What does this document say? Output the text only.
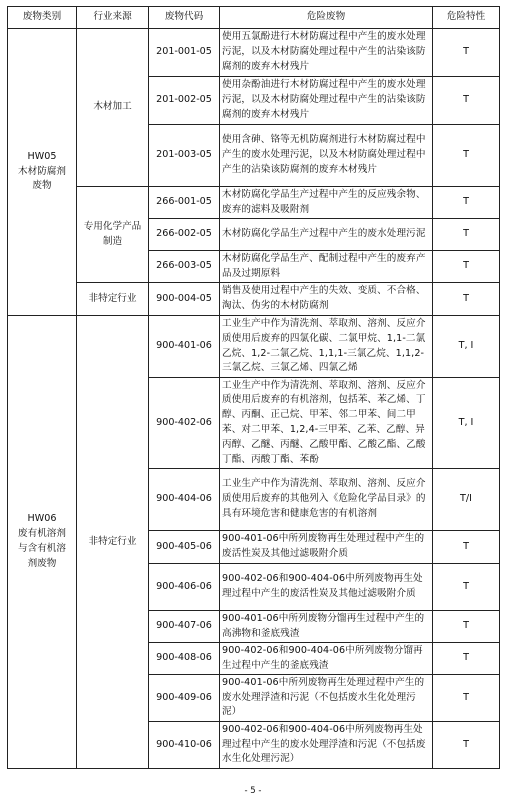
废物类别	行业来源	废物代码	危险废物	危险特性
HW05
木材防腐剂
废物	木材加工	201-001-05	使用五氯酚进行木材防腐过程中产生的废水处理污泥，以及木材防腐处理过程中产生的沾染该防腐剂的废弃木材残片	T
		201-002-05	使用杂酚油进行木材防腐过程中产生的废水处理污泥，以及木材防腐处理过程中产生的沾染该防腐剂的废弃木材残片	T
		201-003-05	使用含砷、铬等无机防腐剂进行木材防腐过程中产生的废水处理污泥，以及木材防腐处理过程中产生的沾染该防腐剂的废弃木材残片	T
	专用化学产品制造	266-001-05	木材防腐化学品生产过程中产生的反应残余物、废弃的滤料及吸附剂	T
		266-002-05	木材防腐化学品生产过程中产生的废水处理污泥	T
		266-003-05	木材防腐化学品生产、配制过程中产生的废弃产品及过期原料	T
	非特定行业	900-004-05	销售及使用过程中产生的失效、变质、不合格、淘汰、伪劣的木材防腐剂	T
HW06
废有机溶剂
与含有机溶
剂废物	非特定行业	900-401-06	工业生产中作为清洗剂、萃取剂、溶剂、反应介质使用后废弃的四氯化碳、二氯甲烷、1,1-二氯乙烷、1,2-二氯乙烷、1,1,1-三氯乙烷、1,1,2-三氯乙烷、三氯乙烯、四氯乙烯	T, I
		900-402-06	工业生产中作为清洗剂、萃取剂、溶剂、反应介质使用后废弃的有机溶剂，包括苯、苯乙烯、丁醇、丙酮、正己烷、甲苯、邻二甲苯、间二甲苯、对二甲苯、1,2,4-三甲苯、乙苯、乙醇、异丙醇、乙醚、丙醚、乙酸甲酯、乙酸乙酯、乙酸丁酯、丙酸丁酯、苯酚	T, I
		900-404-06	工业生产中作为清洗剂、萃取剂、溶剂、反应介质使用后废弃的其他列入《危险化学品目录》的具有环境危害和健康危害的有机溶剂	T/I
		900-405-06	900-401-06中所列废物再生处理过程中产生的废活性炭及其他过滤吸附介质	T
		900-406-06	900-402-06和900-404-06中所列废物再生处理过程中产生的废活性炭及其他过滤吸附介质	T
		900-407-06	900-401-06中所列废物分馏再生过程中产生的高沸物和釜底残渣	T
		900-408-06	900-402-06和900-404-06中所列废物分馏再生过程中产生的釜底残渣	T
		900-409-06	900-401-06中所列废物再生处理过程中产生的废水处理浮渣和污泥（不包括废水生化处理污泥）	T
		900-410-06	900-402-06和900-404-06中所列废物再生处理过程中产生的废水处理浮渣和污泥（不包括废水生化处理污泥）	T
- 5 -
